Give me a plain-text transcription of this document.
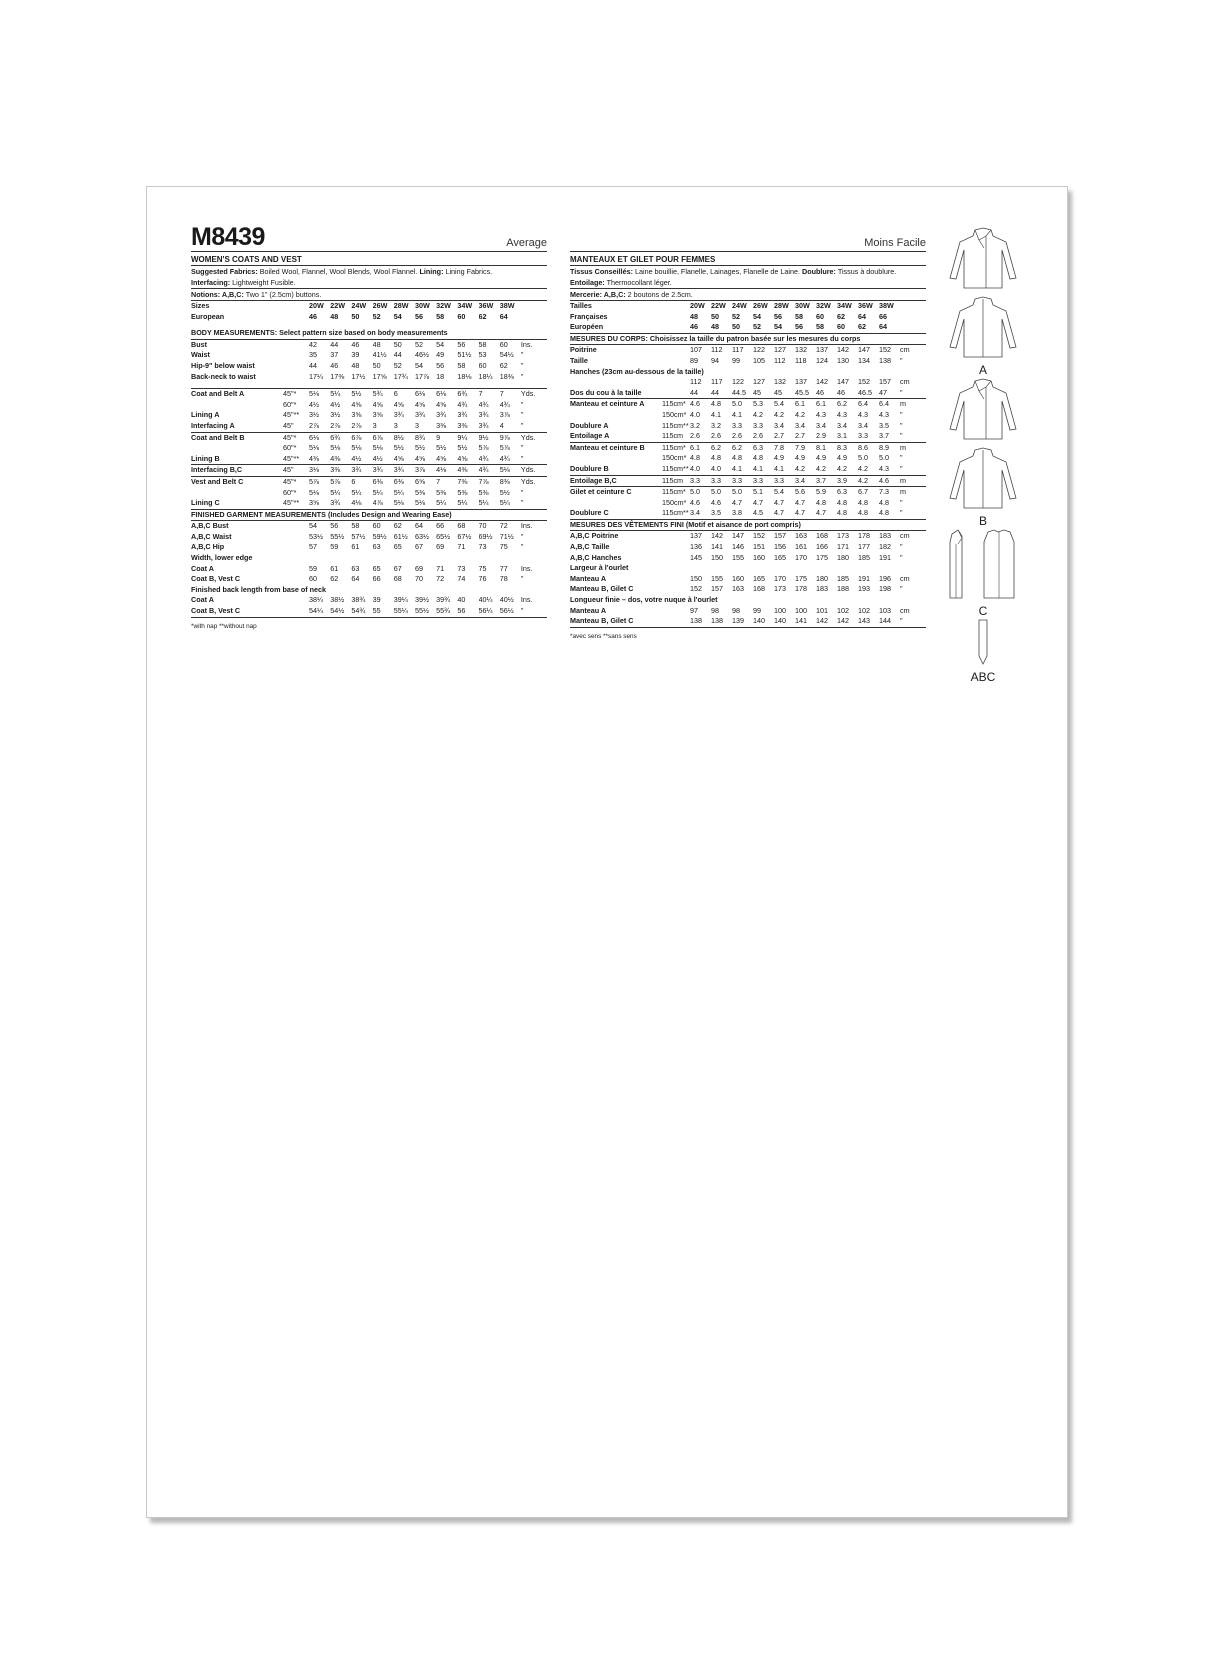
M8439	Average
WOMEN'S COATS AND VEST
Suggested Fabrics: Boiled Wool, Flannel, Wool Blends, Wool Flannel. Lining: Lining Fabrics.
Interfacing: Lightweight Fusible.
Notions: A,B,C: Two 1" (2.5cm) buttons.
Sizes		20W	22W	24W	26W	28W	30W	32W	34W	36W	38W	
European		46	48	50	52	54	56	58	60	62	64	

BODY MEASUREMENTS: Select pattern size based on body measurements												
Bust		42	44	46	48	50	52	54	56	58	60	Ins.
Waist		35	37	39	41½	44	46½	49	51½	53	54½	"
Hip-9" below waist		44	46	48	50	52	54	56	58	60	62	"
Back-neck to waist		17¼	17⅜	17½	17⅝	17¾	17⅞	18	18⅛	18¼	18⅜	"

Coat and Belt A	45"*	5⅛	5¼	5½	5¾	6	6⅛	6⅛	6¾	7	7	Yds.
	60"*	4½	4½	4⅝	4⅝	4⅝	4⅝	4⅝	4¾	4¾	4¾	"
Lining A	45"**	3½	3½	3⅝	3⅝	3¾	3¾	3¾	3¾	3¾	3⅞	"
Interfacing A	45"	2⅞	2⅞	2⅞	3	3	3	3⅜	3⅜	3¾	4	"
Coat and Belt B	45"*	6⅛	6¾	6⅞	6⅞	8½	8¾	9	9¼	9½	9⅞	Yds.
	60"*	5⅛	5⅛	5⅛	5⅛	5½	5½	5½	5½	5⅞	5⅞	"
Lining B	45"**	4⅜	4⅜	4½	4½	4⅝	4⅝	4⅝	4⅝	4¾	4¾	"
Interfacing B,C	45"	3⅛	3⅜	3¾	3¾	3¾	3⅞	4⅛	4⅜	4¾	5⅛	Yds.
Vest and Belt C	45"*	5⅞	5⅞	6	6⅜	6⅜	6⅝	7	7⅜	7⅞	8⅜	Yds.
	60"*	5⅛	5¼	5¼	5¼	5¼	5⅜	5⅜	5⅜	5⅜	5½	"
Lining C	45"**	3⅝	3¾	4⅛	4⅞	5⅛	5⅛	5¼	5¼	5¼	5¼	"
FINISHED GARMENT MEASUREMENTS (Includes Design and Wearing Ease)												
A,B,C Bust		54	56	58	60	62	64	66	68	70	72	Ins.
A,B,C Waist		53½	55½	57½	59½	61½	63½	65½	67½	69½	71½	"
A,B,C Hip		57	59	61	63	65	67	69	71	73	75	"
Width, lower edge												
Coat A		59	61	63	65	67	69	71	73	75	77	Ins.
Coat B, Vest C		60	62	64	66	68	70	72	74	76	78	"
Finished back length from base of neck												
Coat A		38¼	38½	38¾	39	39¼	39½	39¾	40	40¼	40½	Ins.
Coat B, Vest C		54¼	54½	54¾	55	55¼	55½	55¾	56	56¼	56½	"
*with nap **without nap
Moins Facile
MANTEAUX ET GILET POUR FEMMES
Tissus Conseillés: Laine bouillie, Flanelle, Lainages, Flanelle de Laine. Doublure: Tissus à doublure.
Entoilage: Thermocollant léger.
Mercerie: A,B,C: 2 boutons de 2.5cm.
Tailles		20W	22W	24W	26W	28W	30W	32W	34W	36W	38W	
Françaises		48	50	52	54	56	58	60	62	64	66	
Européen		46	48	50	52	54	56	58	60	62	64	
MESURES DU CORPS: Choisissez la taille du patron basée sur les mesures du corps												
Poitrine		107	112	117	122	127	132	137	142	147	152	cm
Taille		89	94	99	105	112	118	124	130	134	138	"
Hanches (23cm au-dessous de la taille)												
		112	117	122	127	132	137	142	147	152	157	cm
Dos du cou à la taille		44	44	44.5	45	45	45.5	46	46	46.5	47	"
Manteau et ceinture A	115cm*	4.6	4.8	5.0	5.3	5.4	6.1	6.1	6.2	6.4	6.4	m
	150cm*	4.0	4.1	4.1	4.2	4.2	4.2	4.3	4.3	4.3	4.3	"
Doublure A	115cm**	3.2	3.2	3.3	3.3	3.4	3.4	3.4	3.4	3.4	3.5	"
Entoilage A	115cm	2.6	2.6	2.6	2.6	2.7	2.7	2.9	3.1	3.3	3.7	"
Manteau et ceinture B	115cm*	6.1	6.2	6.2	6.3	7.8	7.9	8.1	8.3	8.6	8.9	m
	150cm*	4.8	4.8	4.8	4.8	4.9	4.9	4.9	4.9	5.0	5.0	"
Doublure B	115cm**	4.0	4.0	4.1	4.1	4.1	4.2	4.2	4.2	4.2	4.3	"
Entoilage B,C	115cm	3.3	3.3	3.3	3.3	3.3	3.4	3.7	3.9	4.2	4.6	m
Gilet et ceinture C	115cm*	5.0	5.0	5.0	5.1	5.4	5.6	5.9	6.3	6.7	7.3	m
	150cm*	4.6	4.6	4.7	4.7	4.7	4.7	4.8	4.8	4.8	4.8	"
Doublure C	115cm**	3.4	3.5	3.8	4.5	4.7	4.7	4.7	4.8	4.8	4.8	"
MESURES DES VÊTEMENTS FINI (Motif et aisance de port compris)												
A,B,C Poitrine		137	142	147	152	157	163	168	173	178	183	cm
A,B,C Taille		136	141	146	151	156	161	166	171	177	182	"
A,B,C Hanches		145	150	155	160	165	170	175	180	185	191	"
Largeur à l'ourlet												
Manteau A		150	155	160	165	170	175	180	185	191	196	cm
Manteau B, Gilet C		152	157	163	168	173	178	183	188	193	198	"
Longueur finie – dos, votre nuque à l'ourlet												
Manteau A		97	98	98	99	100	100	101	102	102	103	cm
Manteau B, Gilet C		138	138	139	140	140	141	142	142	143	144	"
*avec sens **sans sens
A
B
C
ABC
